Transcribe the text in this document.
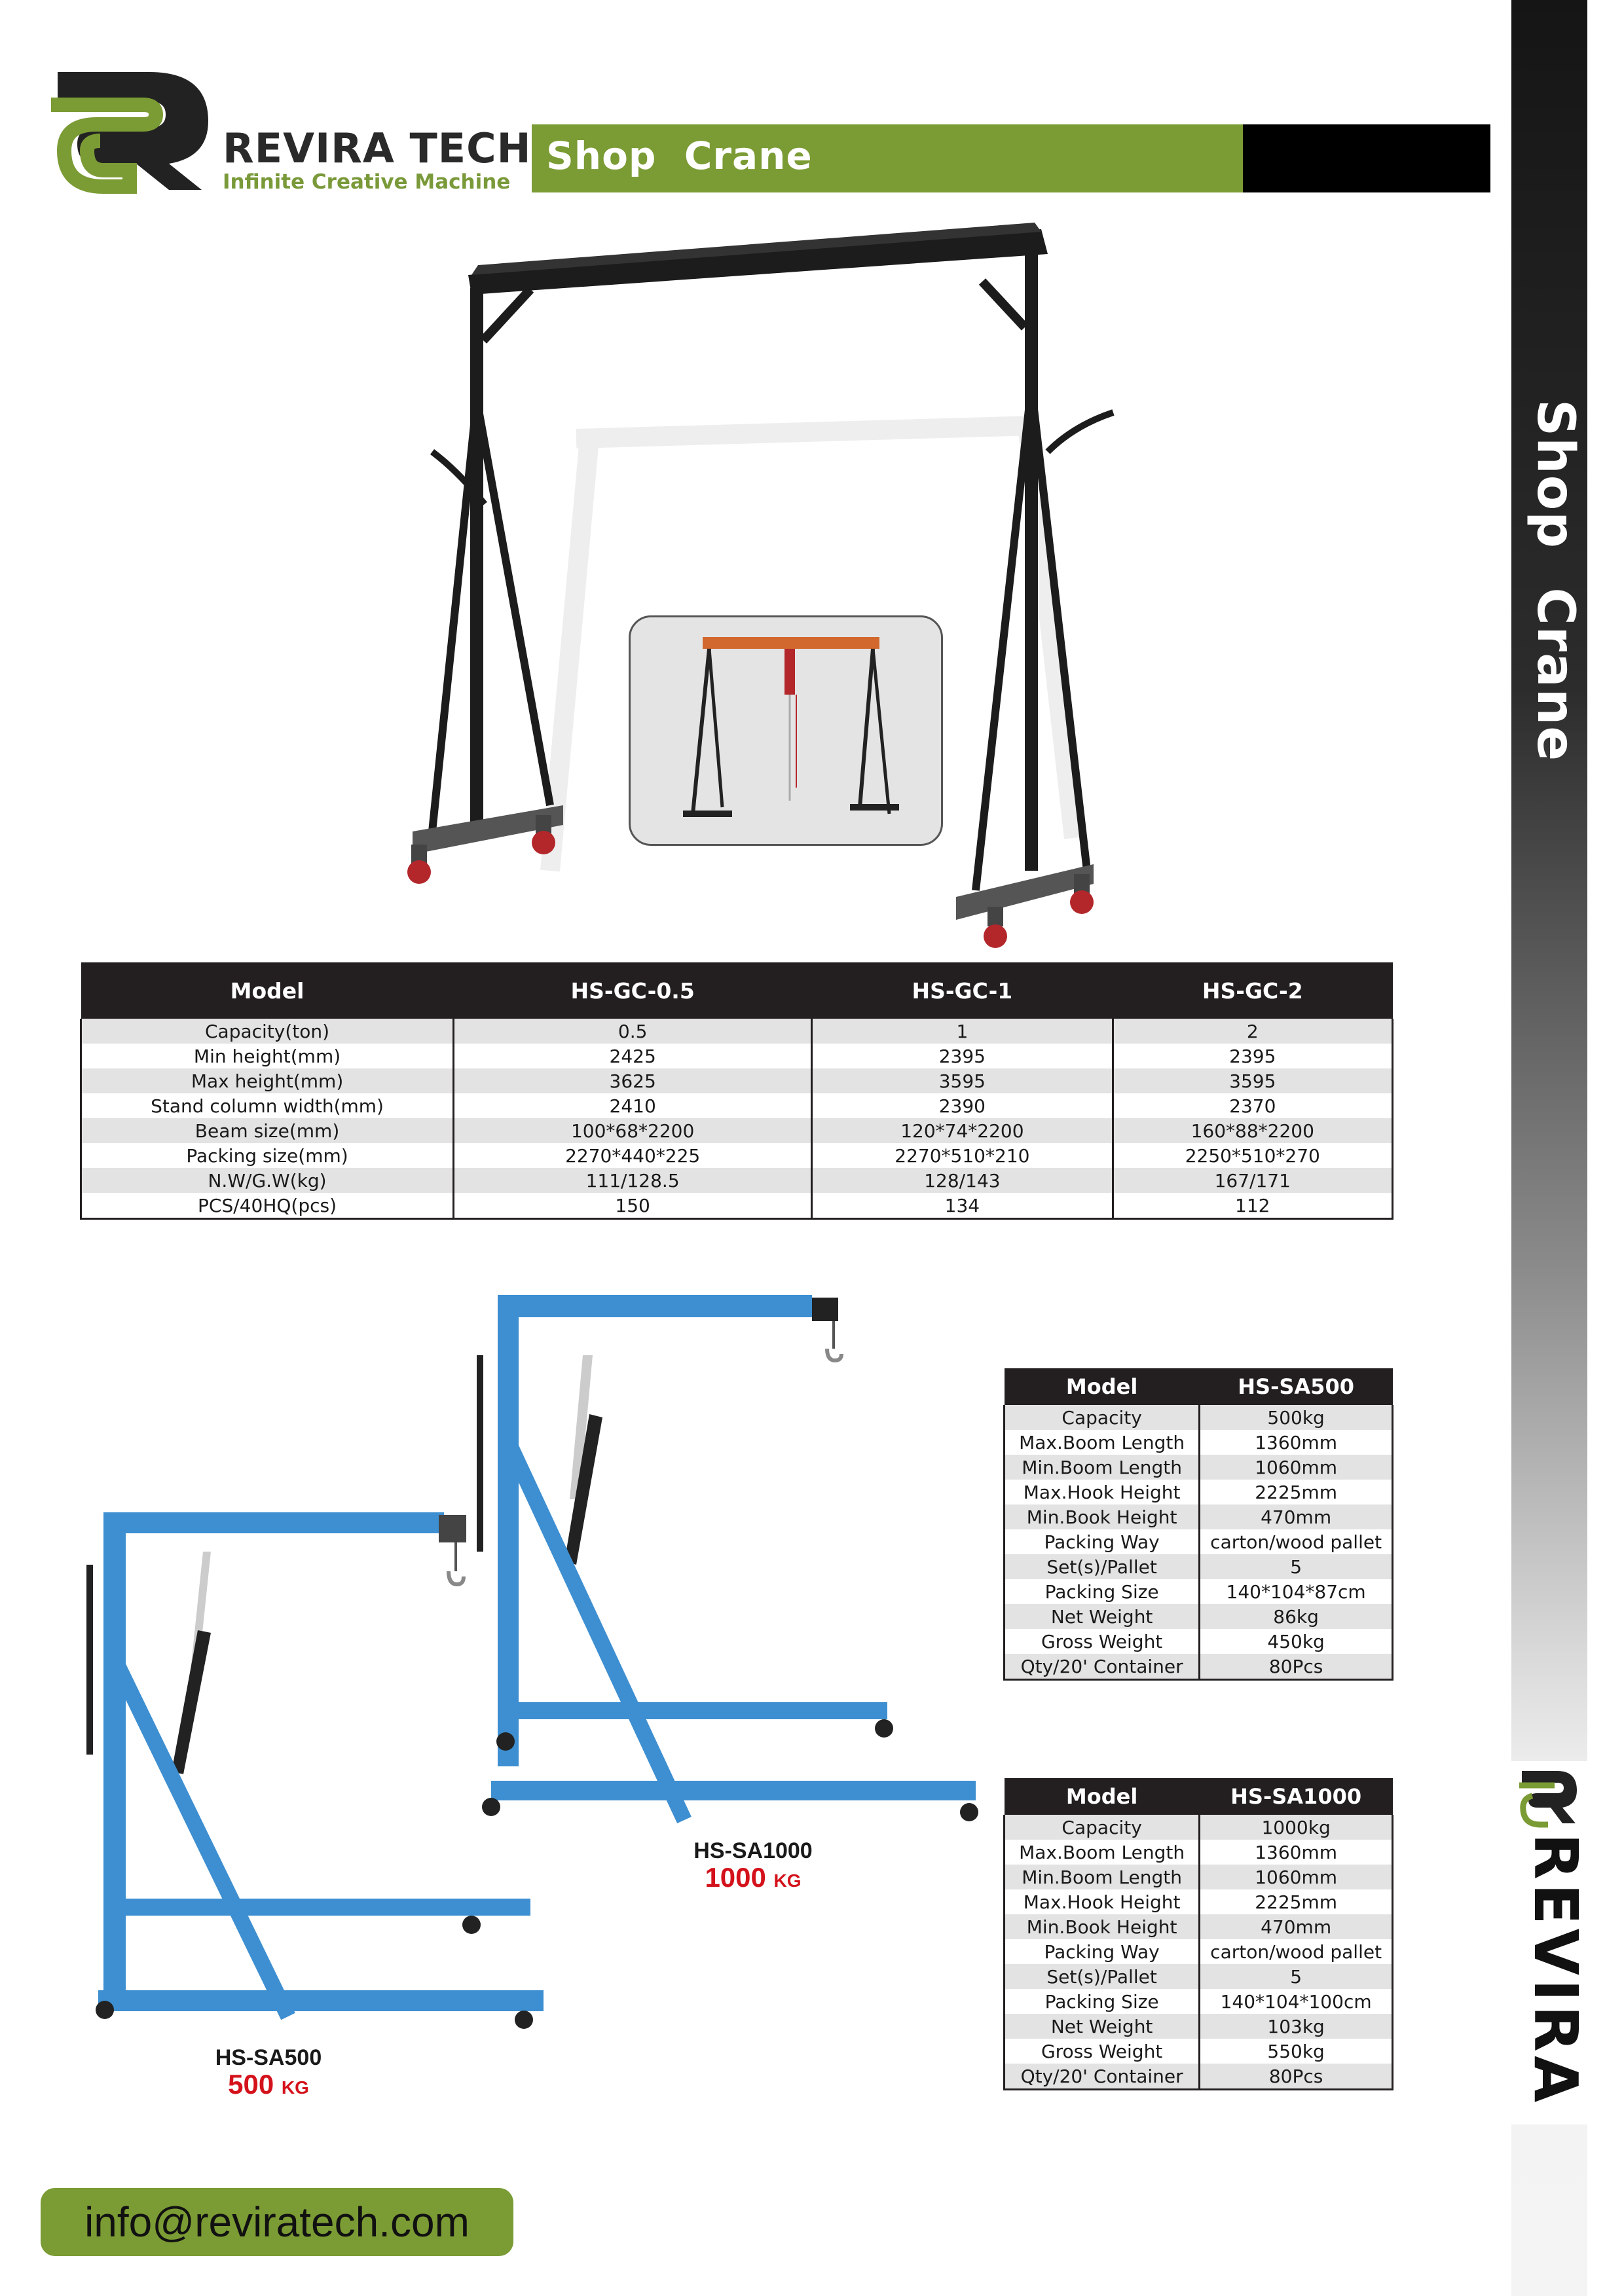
REVIRA TECH
Infinite Creative Machine
Shop  Crane
Shop  Crane
REVIRA
Model	HS-GC-0.5	HS-GC-1	HS-GC-2
Capacity(ton)	0.5	1	2
Min height(mm)	2425	2395	2395
Max height(mm)	3625	3595	3595
Stand column width(mm)	2410	2390	2370
Beam size(mm)	100*68*2200	120*74*2200	160*88*2200
Packing size(mm)	2270*440*225	2270*510*210	2250*510*270
N.W/G.W(kg)	111/128.5	128/143	167/171
PCS/40HQ(pcs)	150	134	112
HS-SA1000
1000 KG
HS-SA500
500 KG
Model	HS-SA500
Capacity	500kg
Max.Boom Length	1360mm
Min.Boom Length	1060mm
Max.Hook Height	2225mm
Min.Book Height	470mm
Packing Way	carton/wood pallet
Set(s)/Pallet	5
Packing Size	140*104*87cm
Net Weight	86kg
Gross Weight	450kg
Qty/20' Container	80Pcs
Model	HS-SA1000
Capacity	1000kg
Max.Boom Length	1360mm
Min.Boom Length	1060mm
Max.Hook Height	2225mm
Min.Book Height	470mm
Packing Way	carton/wood pallet
Set(s)/Pallet	5
Packing Size	140*104*100cm
Net Weight	103kg
Gross Weight	550kg
Qty/20' Container	80Pcs
info@reviratech.com
